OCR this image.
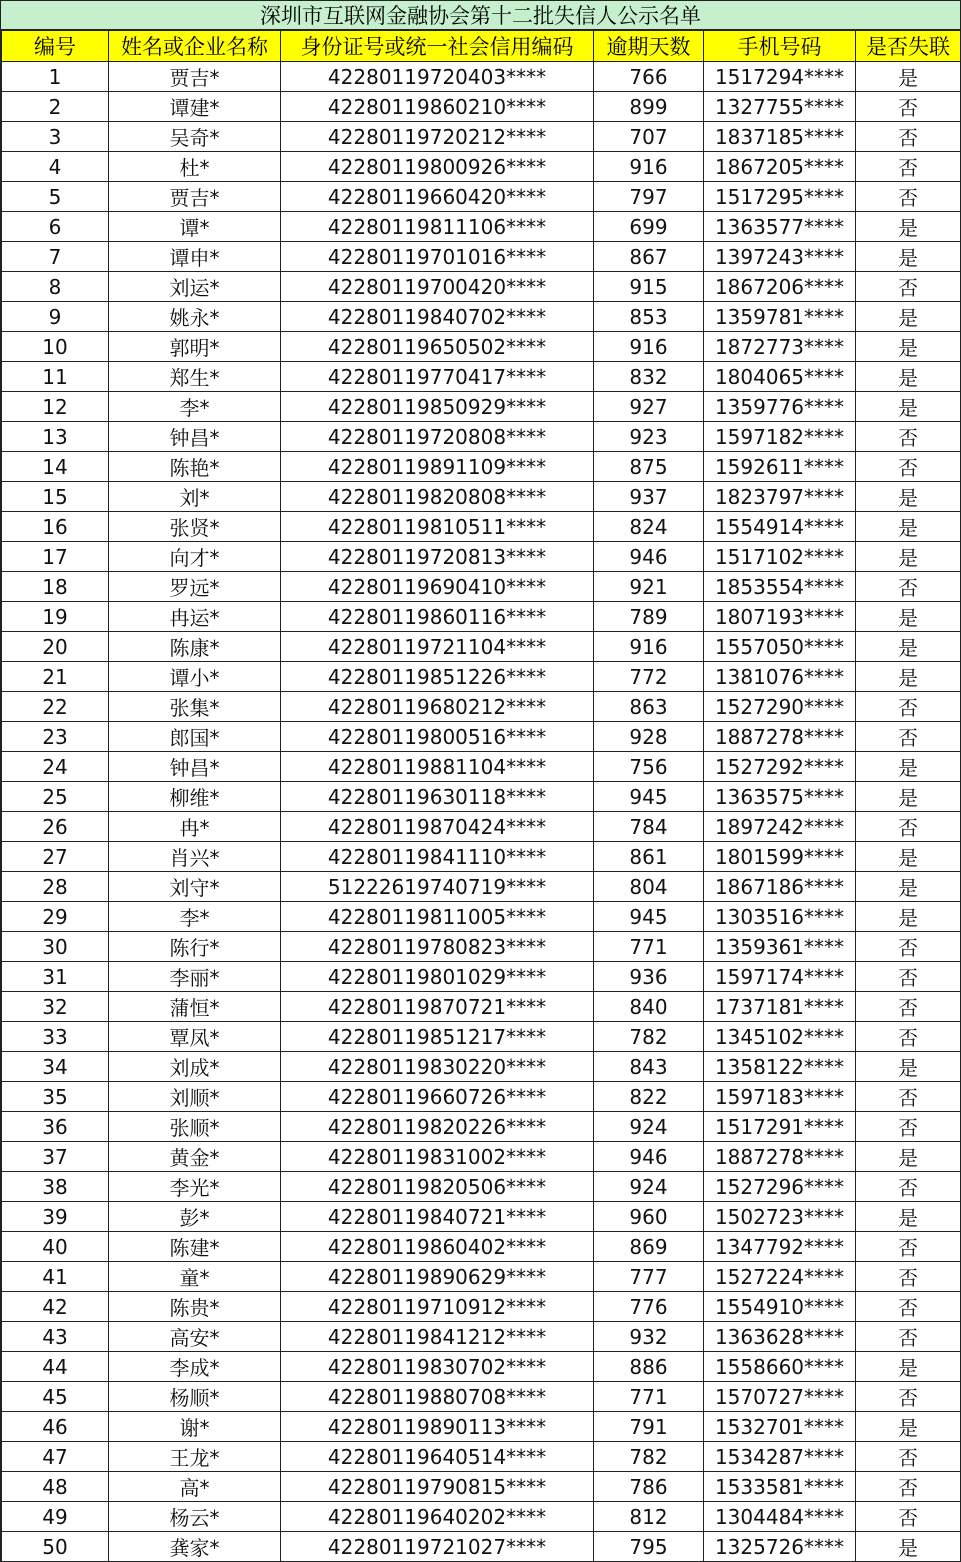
深圳市互联网金融协会第十二批失信人公示名单
编号	姓名或企业名称	身份证号或统一社会信用编码	逾期天数	手机号码	是否失联
1	贾吉*	42280119720403****	766	1517294****	是
2	谭建*	42280119860210****	899	1327755****	否
3	吴奇*	42280119720212****	707	1837185****	否
4	杜*	42280119800926****	916	1867205****	否
5	贾吉*	42280119660420****	797	1517295****	否
6	谭*	42280119811106****	699	1363577****	是
7	谭申*	42280119701016****	867	1397243****	是
8	刘运*	42280119700420****	915	1867206****	否
9	姚永*	42280119840702****	853	1359781****	是
10	郭明*	42280119650502****	916	1872773****	是
11	郑生*	42280119770417****	832	1804065****	是
12	李*	42280119850929****	927	1359776****	是
13	钟昌*	42280119720808****	923	1597182****	否
14	陈艳*	42280119891109****	875	1592611****	否
15	刘*	42280119820808****	937	1823797****	是
16	张贤*	42280119810511****	824	1554914****	是
17	向才*	42280119720813****	946	1517102****	是
18	罗远*	42280119690410****	921	1853554****	否
19	冉运*	42280119860116****	789	1807193****	是
20	陈康*	42280119721104****	916	1557050****	是
21	谭小*	42280119851226****	772	1381076****	是
22	张集*	42280119680212****	863	1527290****	否
23	郎国*	42280119800516****	928	1887278****	否
24	钟昌*	42280119881104****	756	1527292****	是
25	柳维*	42280119630118****	945	1363575****	是
26	冉*	42280119870424****	784	1897242****	否
27	肖兴*	42280119841110****	861	1801599****	是
28	刘守*	51222619740719****	804	1867186****	是
29	李*	42280119811005****	945	1303516****	是
30	陈行*	42280119780823****	771	1359361****	否
31	李丽*	42280119801029****	936	1597174****	否
32	蒲恒*	42280119870721****	840	1737181****	否
33	覃凤*	42280119851217****	782	1345102****	否
34	刘成*	42280119830220****	843	1358122****	是
35	刘顺*	42280119660726****	822	1597183****	否
36	张顺*	42280119820226****	924	1517291****	否
37	黄金*	42280119831002****	946	1887278****	是
38	李光*	42280119820506****	924	1527296****	否
39	彭*	42280119840721****	960	1502723****	是
40	陈建*	42280119860402****	869	1347792****	否
41	童*	42280119890629****	777	1527224****	否
42	陈贵*	42280119710912****	776	1554910****	否
43	高安*	42280119841212****	932	1363628****	否
44	李成*	42280119830702****	886	1558660****	是
45	杨顺*	42280119880708****	771	1570727****	否
46	谢*	42280119890113****	791	1532701****	是
47	王龙*	42280119640514****	782	1534287****	否
48	高*	42280119790815****	786	1533581****	否
49	杨云*	42280119640202****	812	1304484****	否
50	龚家*	42280119721027****	795	1325726****	是
